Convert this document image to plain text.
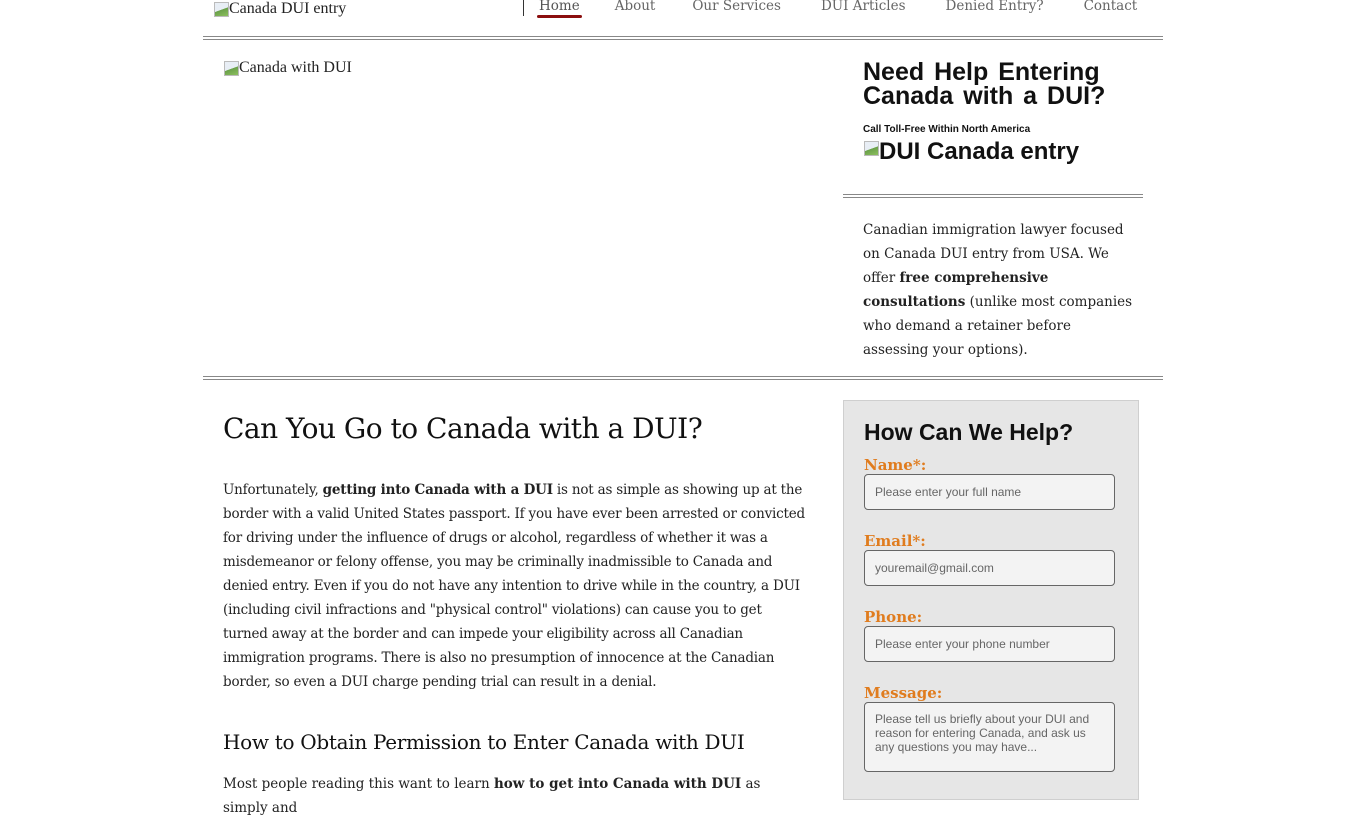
Canada DUI entry	Home	About	Our Services	DUI Articles	Denied Entry?	Contact
Canada with DUI	Need Help Entering Canada with a DUI?
Call Toll-Free Within North America
DUI Canada entry
Canadian immigration lawyer focused on Canada DUI entry from USA. We offer free comprehensive consultations (unlike most companies who demand a retainer before assessing your options).
Can You Go to Canada with a DUI?

Unfortunately, getting into Canada with a DUI is not as simple as showing up at the border with a valid United States passport. If you have ever been arrested or convicted for driving under the influence of drugs or alcohol, regardless of whether it was a misdemeanor or felony offense, you may be criminally inadmissible to Canada and denied entry. Even if you do not have any intention to drive while in the country, a DUI (including civil infractions and "physical control" violations) can cause you to get turned away at the border and can impede your eligibility across all Canadian immigration programs. There is also no presumption of innocence at the Canadian border, so even a DUI charge pending trial can result in a denial.

How to Obtain Permission to Enter Canada with DUI

Most people reading this want to learn how to get into Canada with DUI as simply and

How Can We Help?
Name*:
Please enter your full name
Email*:
youremail@gmail.com
Phone:
Please enter your phone number
Message:
Please tell us briefly about your DUI and reason for entering Canada, and ask us any questions you may have...
